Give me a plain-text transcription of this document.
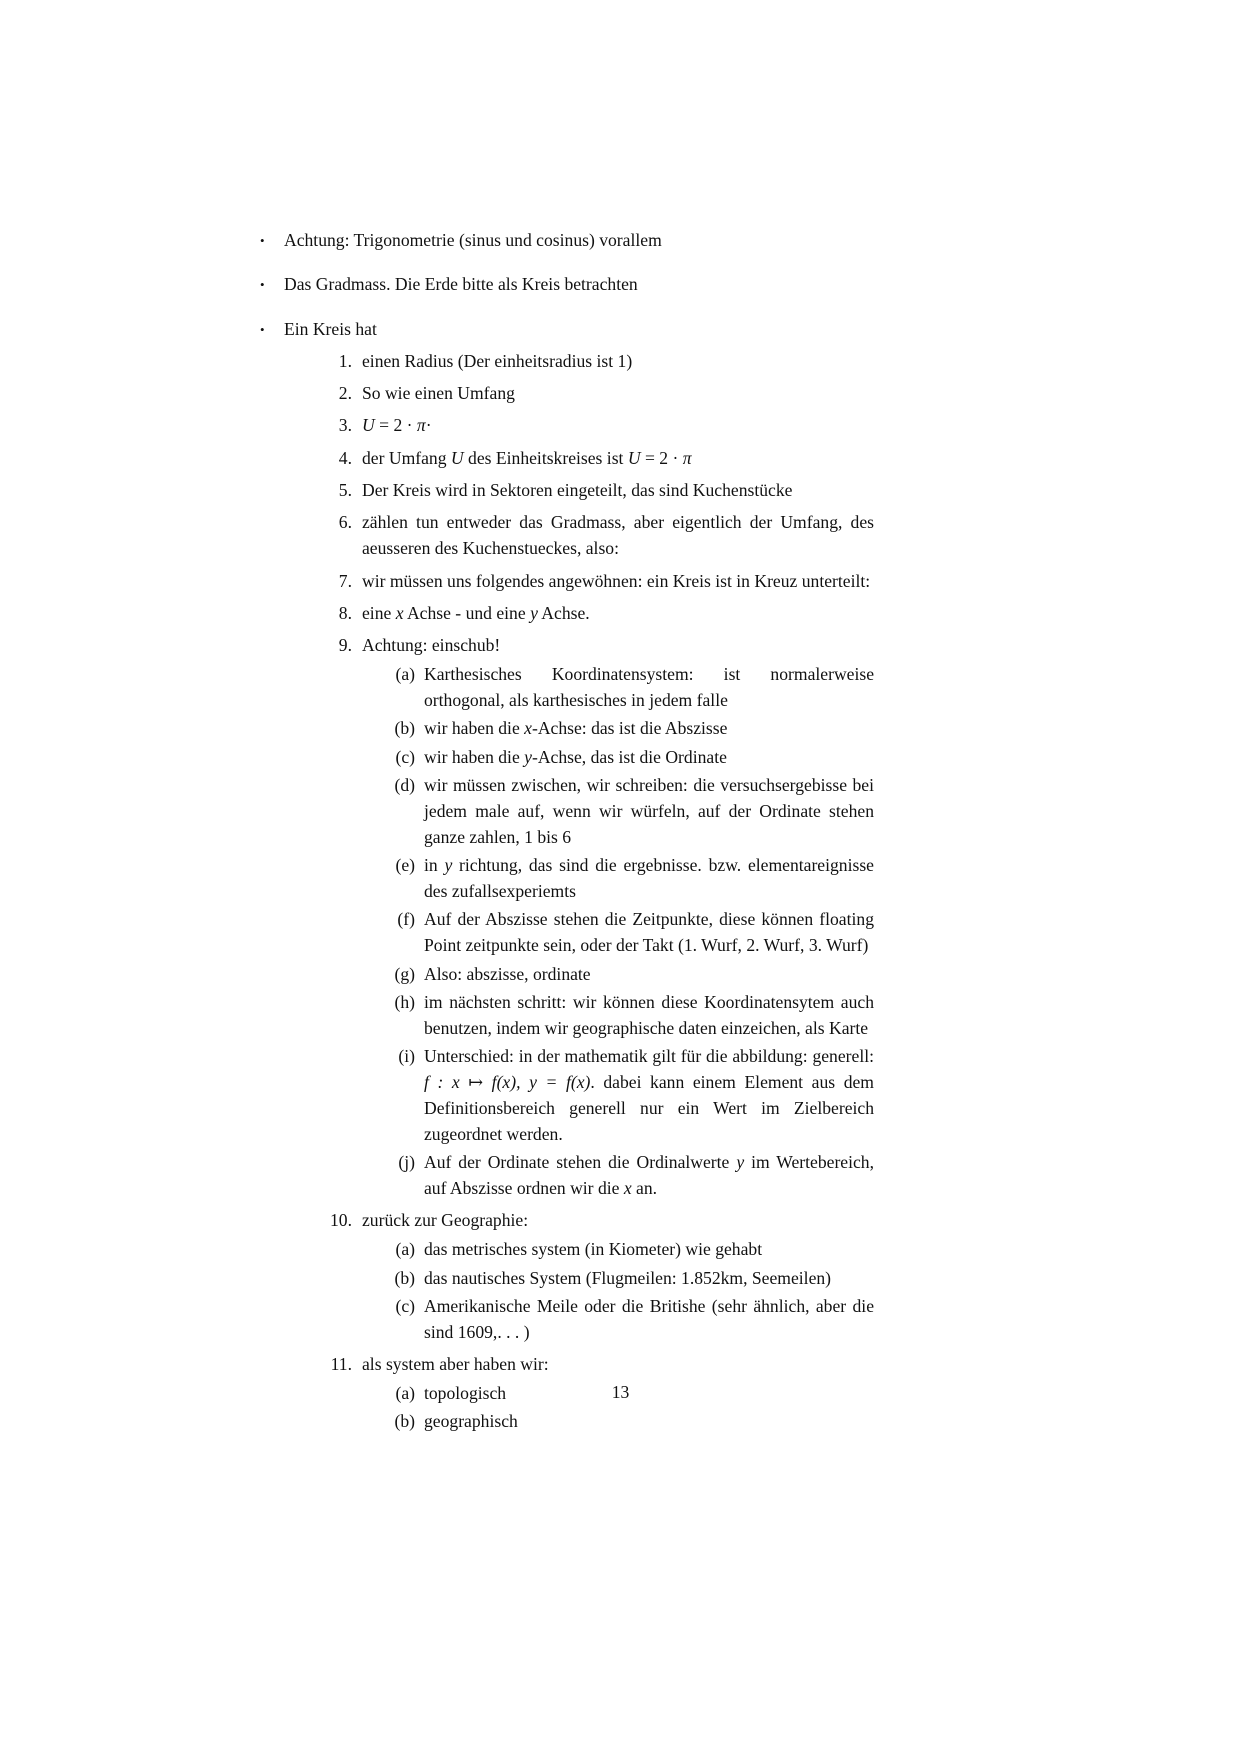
• Achtung: Trigonometrie (sinus und cosinus) vorallem
• Das Gradmass. Die Erde bitte als Kreis betrachten
• Ein Kreis hat
1. einen Radius (Der einheitsradius ist 1)
2. So wie einen Umfang
3. U = 2 · π·
4. der Umfang U des Einheitskreises ist U = 2 · π
5. Der Kreis wird in Sektoren eingeteilt, das sind Kuchenstücke
6. zählen tun entweder das Gradmass, aber eigentlich der Umfang, des aeusseren des Kuchenstueckes, also:
7. wir müssen uns folgendes angewöhnen: ein Kreis ist in Kreuz unterteilt:
8. eine x Achse - und eine y Achse.
9. Achtung: einschub!
(a) Karthesisches Koordinatensystem: ist normalerweise orthogonal, als karthesisches in jedem falle
(b) wir haben die x-Achse: das ist die Abszisse
(c) wir haben die y-Achse, das ist die Ordinate
(d) wir müssen zwischen, wir schreiben: die versuchsergebisse bei jedem male auf, wenn wir würfeln, auf der Ordinate stehen ganze zahlen, 1 bis 6
(e) in y richtung, das sind die ergebnisse. bzw. elementareignisse des zufallsexperiemts
(f) Auf der Abszisse stehen die Zeitpunkte, diese können floating Point zeitpunkte sein, oder der Takt (1. Wurf, 2. Wurf, 3. Wurf)
(g) Also: abszisse, ordinate
(h) im nächsten schritt: wir können diese Koordinatensytem auch benutzen, indem wir geographische daten einzeichen, als Karte
(i) Unterschied: in der mathematik gilt für die abbildung: generell: f : x ↦ f(x), y = f(x). dabei kann einem Element aus dem Definitionsbereich generell nur ein Wert im Zielbereich zugeordnet werden.
(j) Auf der Ordinate stehen die Ordinalwerte y im Wertebereich, auf Abszisse ordnen wir die x an.
10. zurück zur Geographie:
(a) das metrisches system (in Kiometer) wie gehabt
(b) das nautisches System (Flugmeilen: 1.852km, Seemeilen)
(c) Amerikanische Meile oder die Britishe (sehr ähnlich, aber die sind 1609,. . . )
11. als system aber haben wir:
(a) topologisch
(b) geographisch
13
